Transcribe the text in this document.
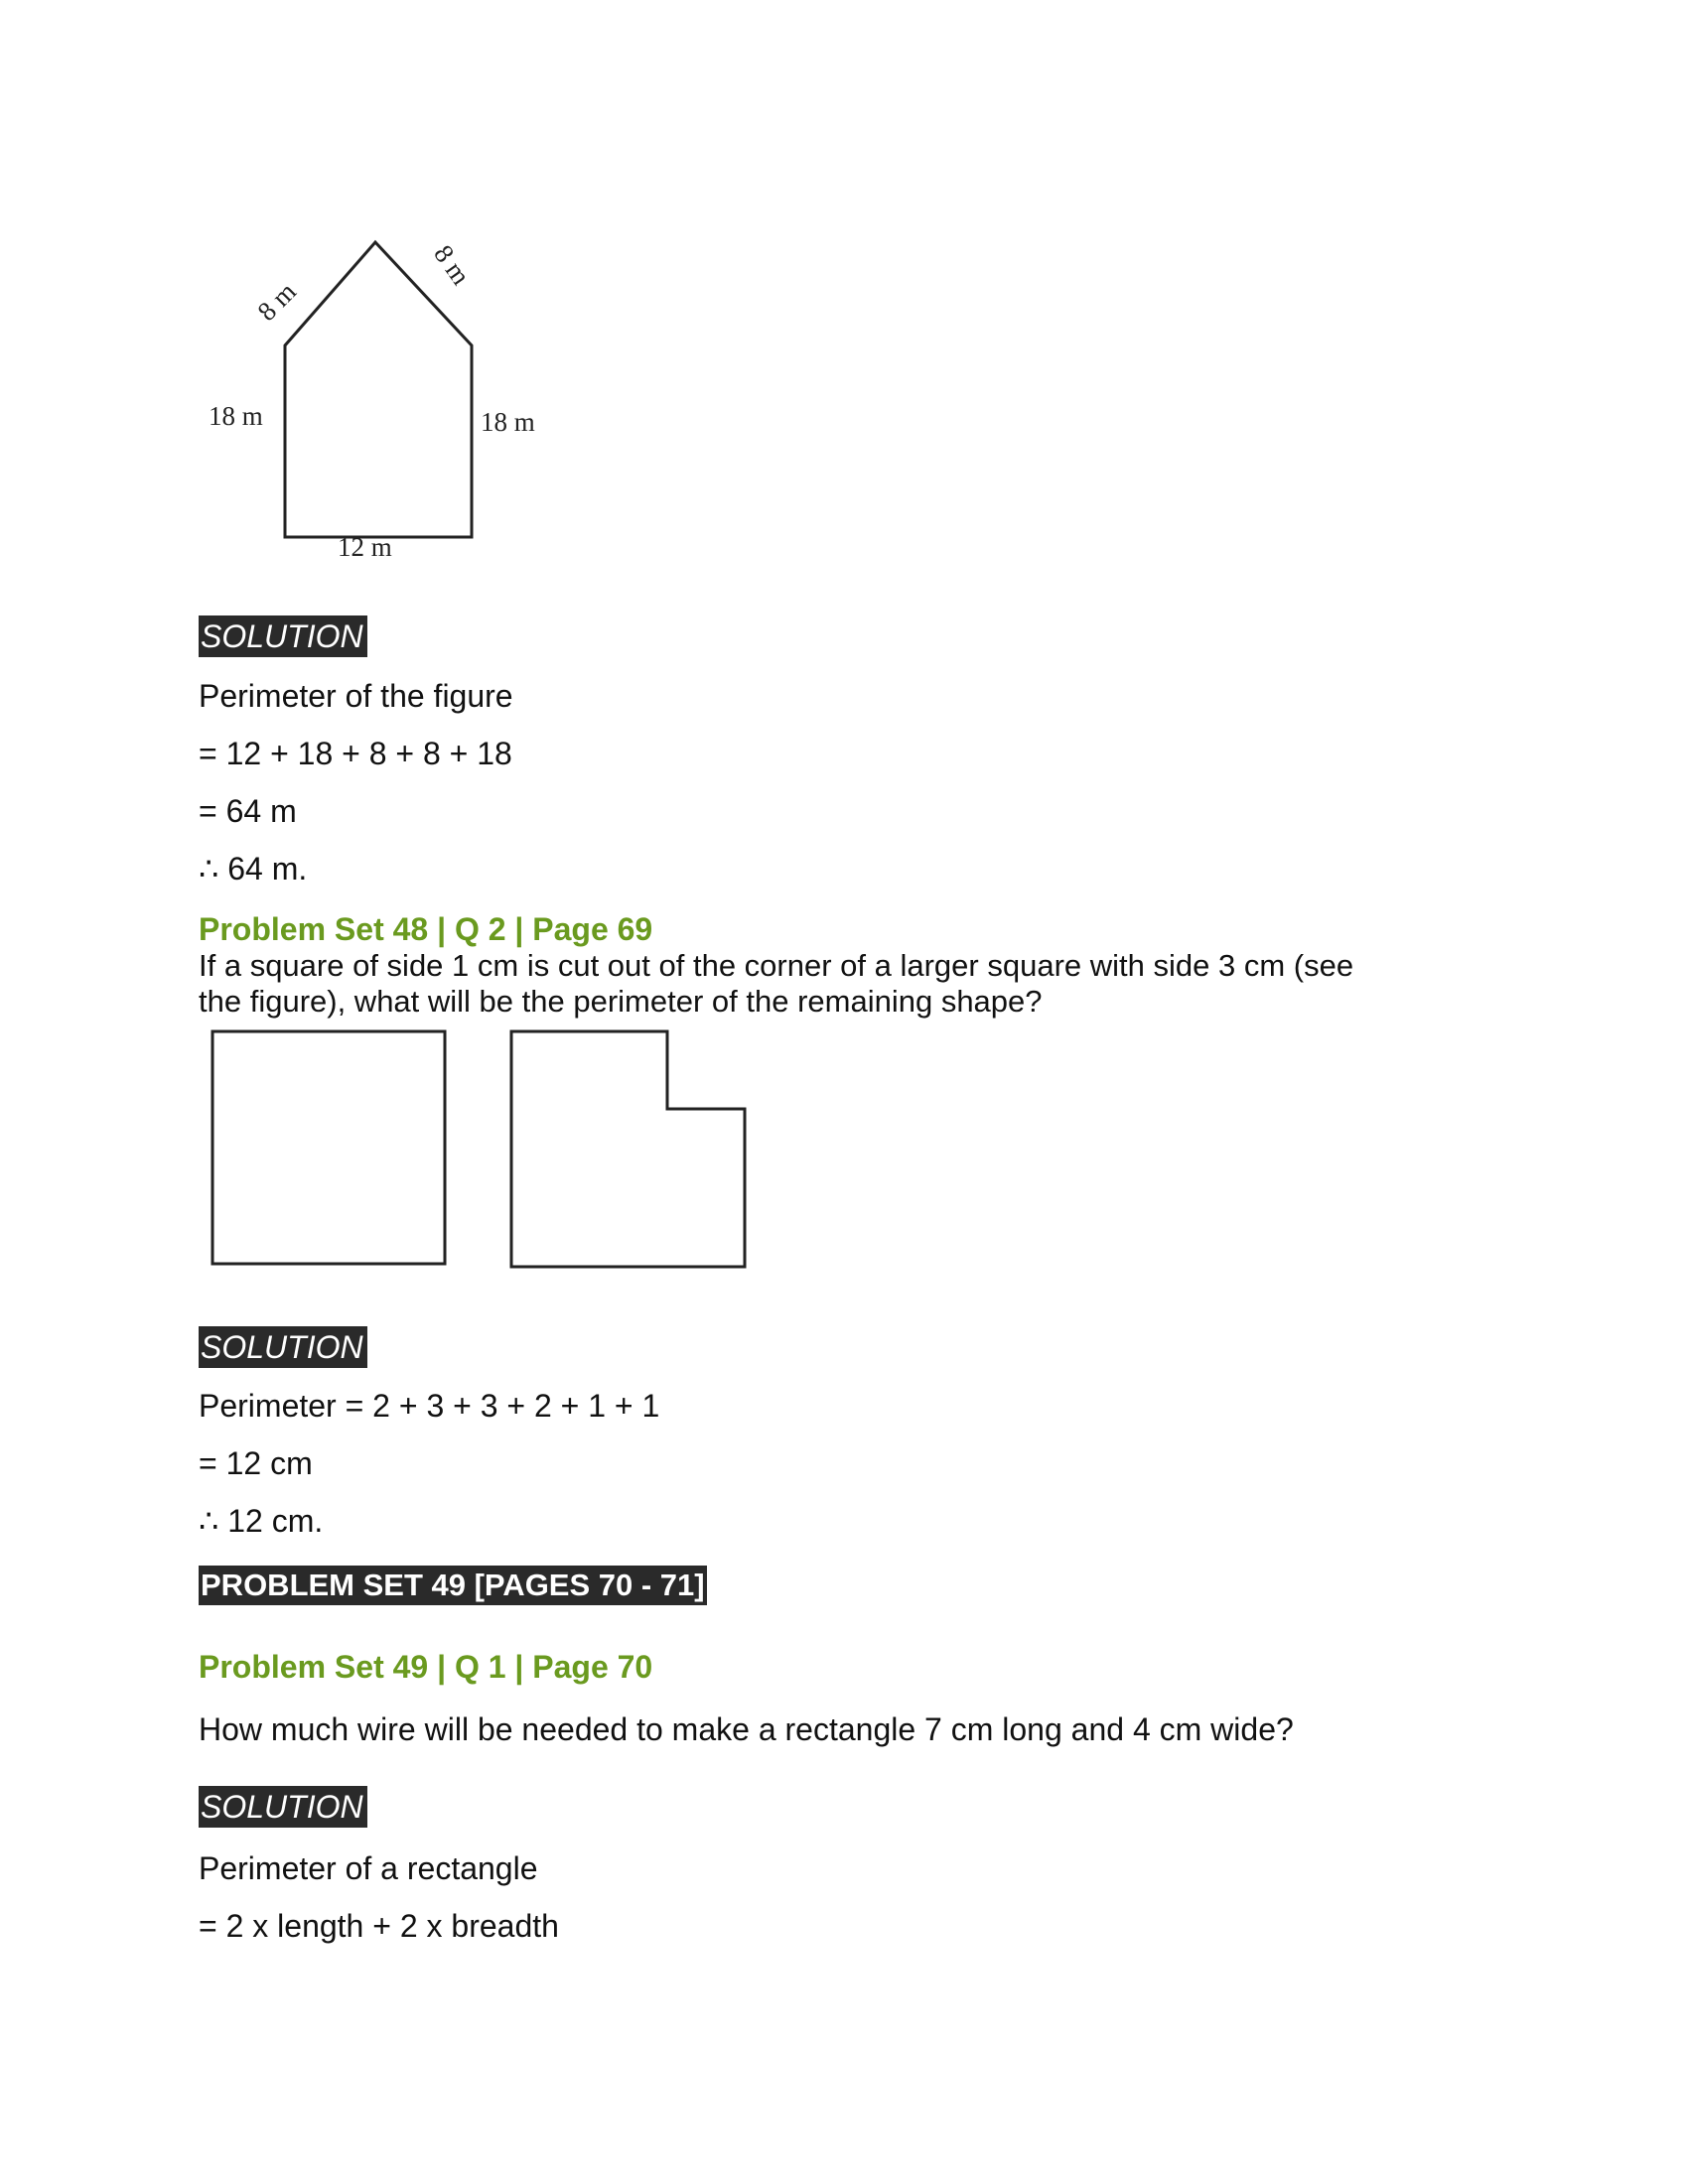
8 m
8 m
18 m	18 m
12 m
SOLUTION
Perimeter of the figure
= 12 + 18 + 8 + 8 + 18
= 64 m
∴ 64 m.
Problem Set 48 | Q 2 | Page 69
If a square of side 1 cm is cut out of the corner of a larger square with side 3 cm (see
the figure), what will be the perimeter of the remaining shape?
SOLUTION
Perimeter = 2 + 3 + 3 + 2 + 1 + 1
= 12 cm
∴ 12 cm.
PROBLEM SET 49 [PAGES 70 - 71]
Problem Set 49 | Q 1 | Page 70
How much wire will be needed to make a rectangle 7 cm long and 4 cm wide?
SOLUTION
Perimeter of a rectangle
= 2 x length + 2 x breadth
